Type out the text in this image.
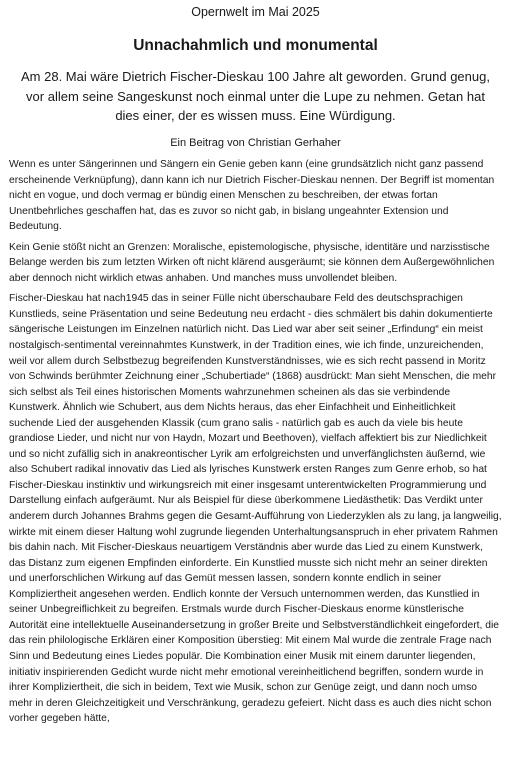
Opernwelt im Mai 2025
Unnachahmlich und monumental
Am 28. Mai wäre Dietrich Fischer-Dieskau 100 Jahre alt geworden. Grund genug, vor allem seine Sangeskunst noch einmal unter die Lupe zu nehmen. Getan hat dies einer, der es wissen muss. Eine Würdigung.
Ein Beitrag von Christian Gerhaher

Wenn es unter Sängerinnen und Sängern ein Genie geben kann (eine grundsätzlich nicht ganz passend erscheinende Verknüpfung), dann kann ich nur Dietrich Fischer-Dieskau nennen. Der Begriff ist momentan nicht en vogue, und doch vermag er bündig einen Menschen zu beschreiben, der etwas fortan Unentbehrliches geschaffen hat, das es zuvor so nicht gab, in bislang ungeahnter Extension und Bedeutung.

Kein Genie stößt nicht an Grenzen: Moralische, epistemologische, physische, identitäre und narzisstische Belange werden bis zum letzten Wirken oft nicht klärend ausgeräumt; sie können dem Außergewöhnlichen aber dennoch nicht wirklich etwas anhaben. Und manches muss unvollendet bleiben.

Fischer-Dieskau hat nach1945 das in seiner Fülle nicht überschaubare Feld des deutschsprachigen Kunstlieds, seine Präsentation und seine Bedeutung neu erdacht - dies schmälert bis dahin dokumentierte sängerische Leistungen im Einzelnen natürlich nicht. Das Lied war aber seit seiner „Erfindung“ ein meist nostalgisch-sentimental vereinnahmtes Kunstwerk, in der Tradition eines, wie ich finde, unzureichenden, weil vor allem durch Selbstbezug begreifenden Kunstverständnisses, wie es sich recht passend in Moritz von Schwinds berühmter Zeichnung einer „Schubertiade“ (1868) ausdrückt: Man sieht Menschen, die mehr sich selbst als Teil eines historischen Moments wahrzunehmen scheinen als das sie verbindende Kunstwerk. Ähnlich wie Schubert, aus dem Nichts heraus, das eher Einfachheit und Einheitlichkeit suchende Lied der ausgehenden Klassik (cum grano salis - natürlich gab es auch da viele bis heute grandiose Lieder, und nicht nur von Haydn, Mozart und Beethoven), vielfach affektiert bis zur Niedlichkeit und so nicht zufällig sich in anakreontischer Lyrik am erfolgreichsten und unverfänglichsten äußernd, wie also Schubert radikal innovativ das Lied als lyrisches Kunstwerk ersten Ranges zum Genre erhob, so hat Fischer-Dieskau instinktiv und wirkungsreich mit einer insgesamt unterentwickelten Programmierung und Darstellung einfach aufgeräumt. Nur als Beispiel für diese überkommene Liedästhetik: Das Verdikt unter anderem durch Johannes Brahms gegen die Gesamt-Aufführung von Liederzyklen als zu lang, ja langweilig, wirkte mit einem dieser Haltung wohl zugrunde liegenden Unterhaltungsanspruch in eher privatem Rahmen bis dahin nach. Mit Fischer-Dieskaus neuartigem Verständnis aber wurde das Lied zu einem Kunstwerk, das Distanz zum eigenen Empfinden einforderte. Ein Kunstlied musste sich nicht mehr an seiner direkten und unerforschlichen Wirkung auf das Gemüt messen lassen, sondern konnte endlich in seiner Kompliziertheit angesehen werden. Endlich konnte der Versuch unternommen werden, das Kunstlied in seiner Unbegreiflichkeit zu begreifen. Erstmals wurde durch Fischer-Dieskaus enorme künstlerische Autorität eine intellektuelle Auseinandersetzung in großer Breite und Selbstverständlichkeit eingefordert, die das rein philologische Erklären einer Komposition überstieg: Mit einem Mal wurde die zentrale Frage nach Sinn und Bedeutung eines Liedes populär. Die Kombination einer Musik mit einem darunter liegenden, initiativ inspirierenden Gedicht wurde nicht mehr emotional vereinheitlichend begriffen, sondern wurde in ihrer Kompliziertheit, die sich in beidem, Text wie Musik, schon zur Genüge zeigt, und dann noch umso mehr in deren Gleichzeitigkeit und Verschränkung, geradezu gefeiert. Nicht dass es auch dies nicht schon vorher gegeben hätte,
